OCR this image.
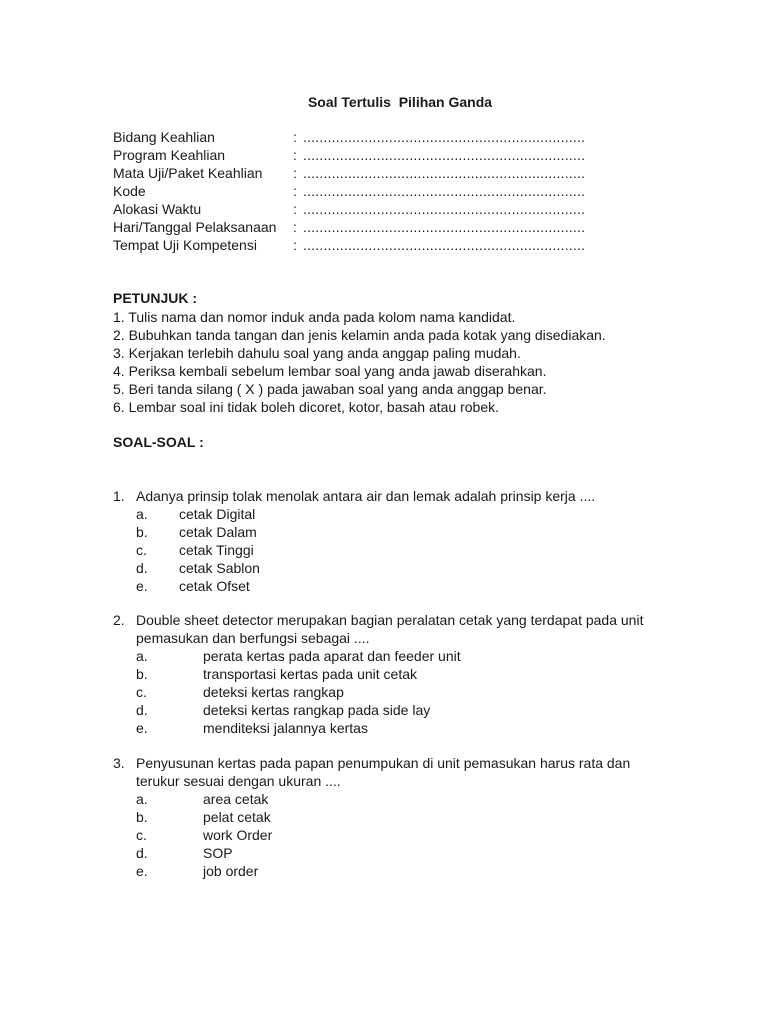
Soal Tertulis  Pilihan Ganda
Bidang Keahlian	: .....................................................................
Program Keahlian	: .....................................................................
Mata Uji/Paket Keahlian : .....................................................................
Kode	: .....................................................................
Alokasi Waktu	: .....................................................................
Hari/Tanggal Pelaksanaan : .....................................................................
Tempat Uji Kompetensi	: .....................................................................
PETUNJUK :
1. Tulis nama dan nomor induk anda pada kolom nama kandidat.
2. Bubuhkan tanda tangan dan jenis kelamin anda pada kotak yang disediakan.
3. Kerjakan terlebih dahulu soal yang anda anggap paling mudah.
4. Periksa kembali sebelum lembar soal yang anda jawab diserahkan.
5. Beri tanda silang ( X ) pada jawaban soal yang anda anggap benar.
6. Lembar soal ini tidak boleh dicoret, kotor, basah atau robek.
SOAL-SOAL :
1. Adanya prinsip tolak menolak antara air dan lemak adalah prinsip kerja ....
a. cetak Digital
b. cetak Dalam
c. cetak Tinggi
d. cetak Sablon
e. cetak Ofset
2. Double sheet detector merupakan bagian peralatan cetak yang terdapat pada unit
pemasukan dan berfungsi sebagai ....
a.	perata kertas pada aparat dan feeder unit
b.	transportasi kertas pada unit cetak
c.	deteksi kertas rangkap
d.	deteksi kertas rangkap pada side lay
e.	menditeksi jalannya kertas
3. Penyusunan kertas pada papan penumpukan di unit pemasukan harus rata dan
terukur sesuai dengan ukuran ....
a.	area cetak
b.	pelat cetak
c.	work Order
d.	SOP
e.	job order
